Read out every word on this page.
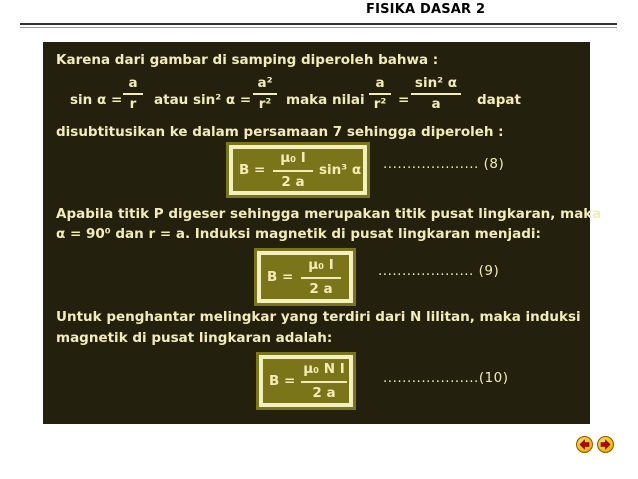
FISIKA DASAR 2
Karena dari gambar di samping diperoleh bahwa :
sin α =
a
r	atau sin² α =
a²
r²	maka nilai
a
r² =
sin² α
a	dapat
disubtitusikan ke dalam persamaan 7 sehingga diperoleh :
B =
μ₀ I
2 a
sin³ α .................... (8)
Apabila titik P digeser sehingga merupakan titik pusat lingkaran, maka
α = 90⁰ dan r = a. Induksi magnetik di pusat lingkaran menjadi:
B =
μ₀ I
2 a
.................... (9)
Untuk penghantar melingkar yang terdiri dari N lilitan, maka induksi
magnetik di pusat lingkaran adalah:
B =
μ₀ N I
2 a
....................(10)
